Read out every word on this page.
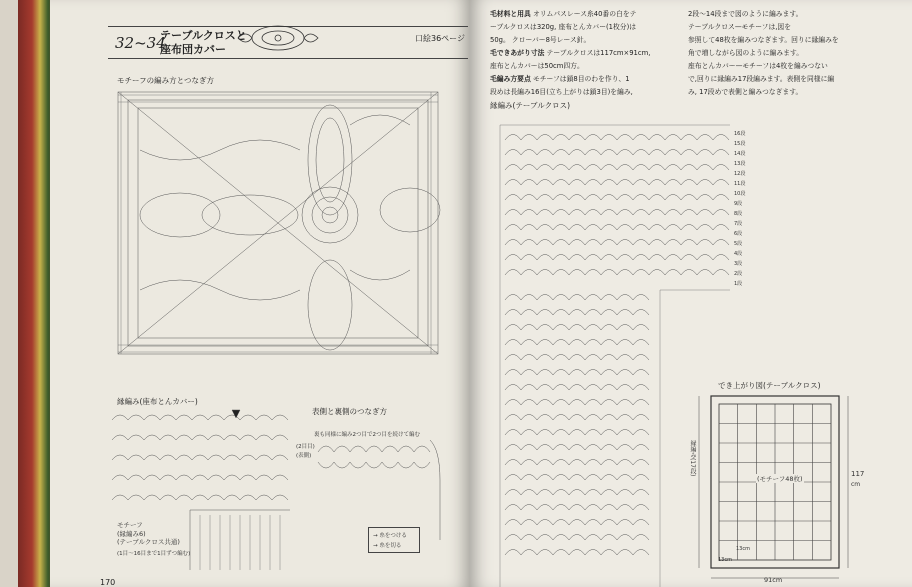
32~34
テーブルクロスと
座布団カバー
口絵36ページ
モチーフの編み方とつなぎ方
縁編み(座布とんカバー)
モチーフ
(縁編み6)
(テーブルクロス共通)
(1目～16目まで1目ずつ編む)
表側と裏側のつなぎ方
裏も同様に編み2つ目で2つ目を続けて編む
(2目目)
(表側)
→ 糸をつける
→ 糸を切る
170

毛材料と用具 オリムパスレース糸40番の白をテ

ーブルクロスは320g, 座布とんカバー(1枚分)は

50g。 クローバー8号レース針。

毛できあがり寸法 テーブルクロスは117cm×91cm,

座布とんカバーは50cm四方。

毛編み方要点 モチーフは鎖8目のわを作り、1

段めは長編み16目(立ち上がりは鎖3目)を編み,

2段～14段まで図のように編みます。

テーブルクロス—モチーフは,図を

参照して48枚を編みつなぎます。回りに縁編みを

角で増しながら図のように編みます。

座布とんカバー—モチーフは4枚を編みつない

で,回りに縁編み17段編みます。表側を同様に編

み, 17段めで表側と編みつなぎます。

縁編み(テーブルクロス)
16段
15段
14段
13段
12段
11段
10段
9段
8段
7段
6段
5段
4段
3段
2段
1段
でき上がり図(テーブルクロス)
(モチーフ48枚)
縁編み(17段)	117
cm
91cm
13cm
13cm
